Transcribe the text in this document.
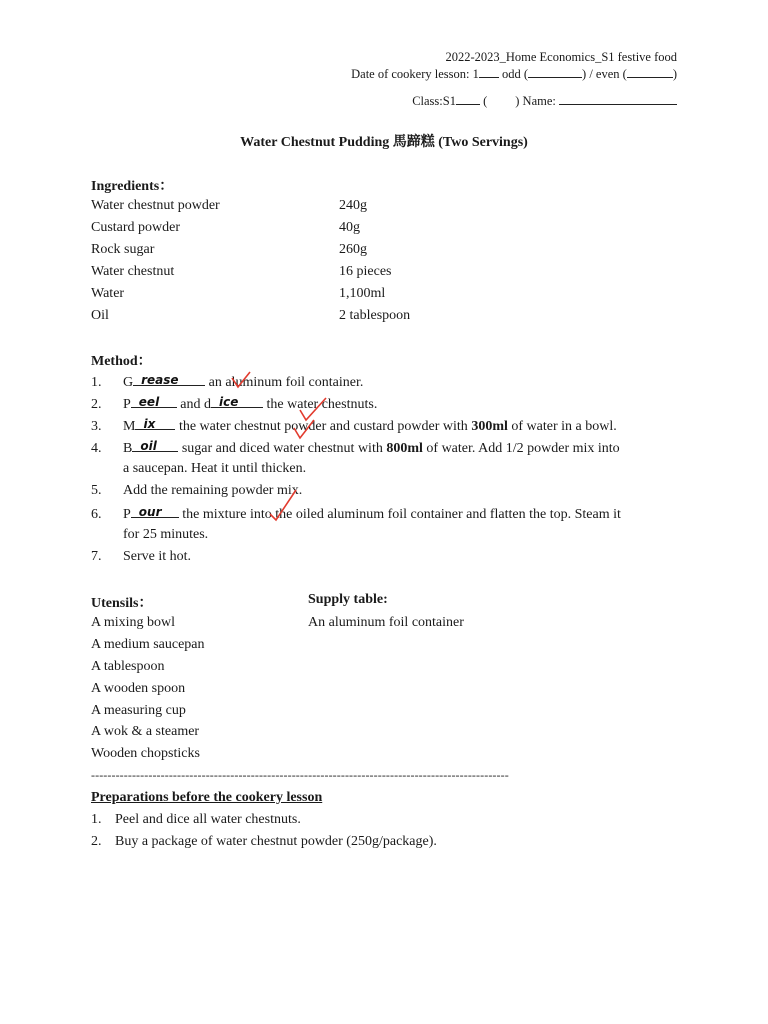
2022-2023_Home Economics_S1 festive food
Date of cookery lesson: 1 odd (	) / even (	)
Class:S1 ( ) Name:
Water Chestnut Pudding 馬蹄糕 (Two Servings)
Ingredients：
Water chestnut powder	240g
Custard powder	40g
Rock sugar	260g
Water chestnut	16 pieces
Water	1,100ml
Oil	2 tablespoon
Method：
1. G rease an aluminum foil container.
2. P eel and d ice the water chestnuts.
3. M ix the water chestnut powder and custard powder with 300ml of water in a bowl.
4. B oil sugar and diced water chestnut with 800ml of water. Add 1/2 powder mix into
a saucepan. Heat it until thicken.
5. Add the remaining powder mix.
6. P our the mixture into the oiled aluminum foil container and flatten the top. Steam it
for 25 minutes.
7. Serve it hot.
Utensils：	Supply table:
An aluminum foil container
A mixing bowl
A medium saucepan
A tablespoon
A wooden spoon
A measuring cup
A wok & a steamer
Wooden chopsticks
------------------------------------------------------------------------------------------------------
Preparations before the cookery lesson
1. Peel and dice all water chestnuts.
2. Buy a package of water chestnut powder (250g/package).
